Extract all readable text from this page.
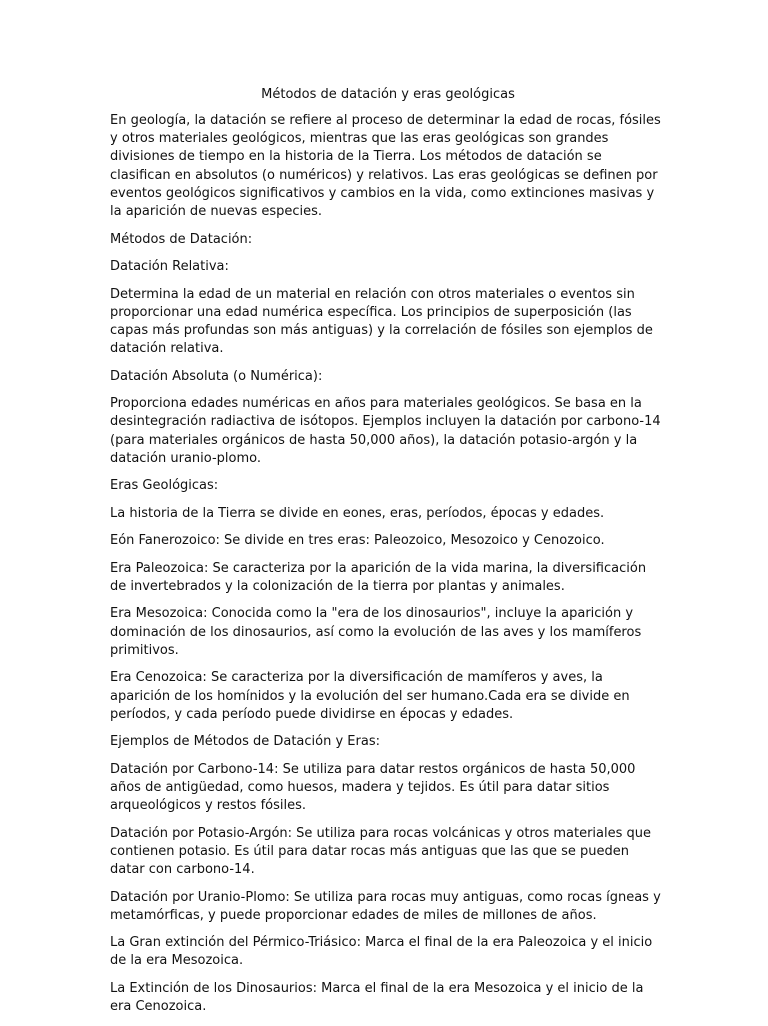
Métodos de datación y eras geológicas
En geología, la datación se refiere al proceso de determinar la edad de rocas, fósiles y otros materiales geológicos, mientras que las eras geológicas son grandes divisiones de tiempo en la historia de la Tierra. Los métodos de datación se clasifican en absolutos (o numéricos) y relativos. Las eras geológicas se definen por eventos geológicos significativos y cambios en la vida, como extinciones masivas y la aparición de nuevas especies.
Métodos de Datación:
Datación Relativa:
Determina la edad de un material en relación con otros materiales o eventos sin proporcionar una edad numérica específica. Los principios de superposición (las capas más profundas son más antiguas) y la correlación de fósiles son ejemplos de datación relativa.
Datación Absoluta (o Numérica):
Proporciona edades numéricas en años para materiales geológicos. Se basa en la desintegración radiactiva de isótopos. Ejemplos incluyen la datación por carbono-14 (para materiales orgánicos de hasta 50,000 años), la datación potasio-argón y la datación uranio-plomo.
Eras Geológicas:
La historia de la Tierra se divide en eones, eras, períodos, épocas y edades.
Eón Fanerozoico: Se divide en tres eras: Paleozoico, Mesozoico y Cenozoico.
Era Paleozoica: Se caracteriza por la aparición de la vida marina, la diversificación de invertebrados y la colonización de la tierra por plantas y animales.
Era Mesozoica: Conocida como la "era de los dinosaurios", incluye la aparición y dominación de los dinosaurios, así como la evolución de las aves y los mamíferos primitivos.
Era Cenozoica: Se caracteriza por la diversificación de mamíferos y aves, la aparición de los homínidos y la evolución del ser humano.Cada era se divide en períodos, y cada período puede dividirse en épocas y edades.
Ejemplos de Métodos de Datación y Eras:
Datación por Carbono-14: Se utiliza para datar restos orgánicos de hasta 50,000 años de antigüedad, como huesos, madera y tejidos. Es útil para datar sitios arqueológicos y restos fósiles.
Datación por Potasio-Argón: Se utiliza para rocas volcánicas y otros materiales que contienen potasio. Es útil para datar rocas más antiguas que las que se pueden datar con carbono-14.
Datación por Uranio-Plomo: Se utiliza para rocas muy antiguas, como rocas ígneas y metamórficas, y puede proporcionar edades de miles de millones de años.
La Gran extinción del Pérmico-Triásico: Marca el final de la era Paleozoica y el inicio de la era Mesozoica.
La Extinción de los Dinosaurios: Marca el final de la era Mesozoica y el inicio de la era Cenozoica.
